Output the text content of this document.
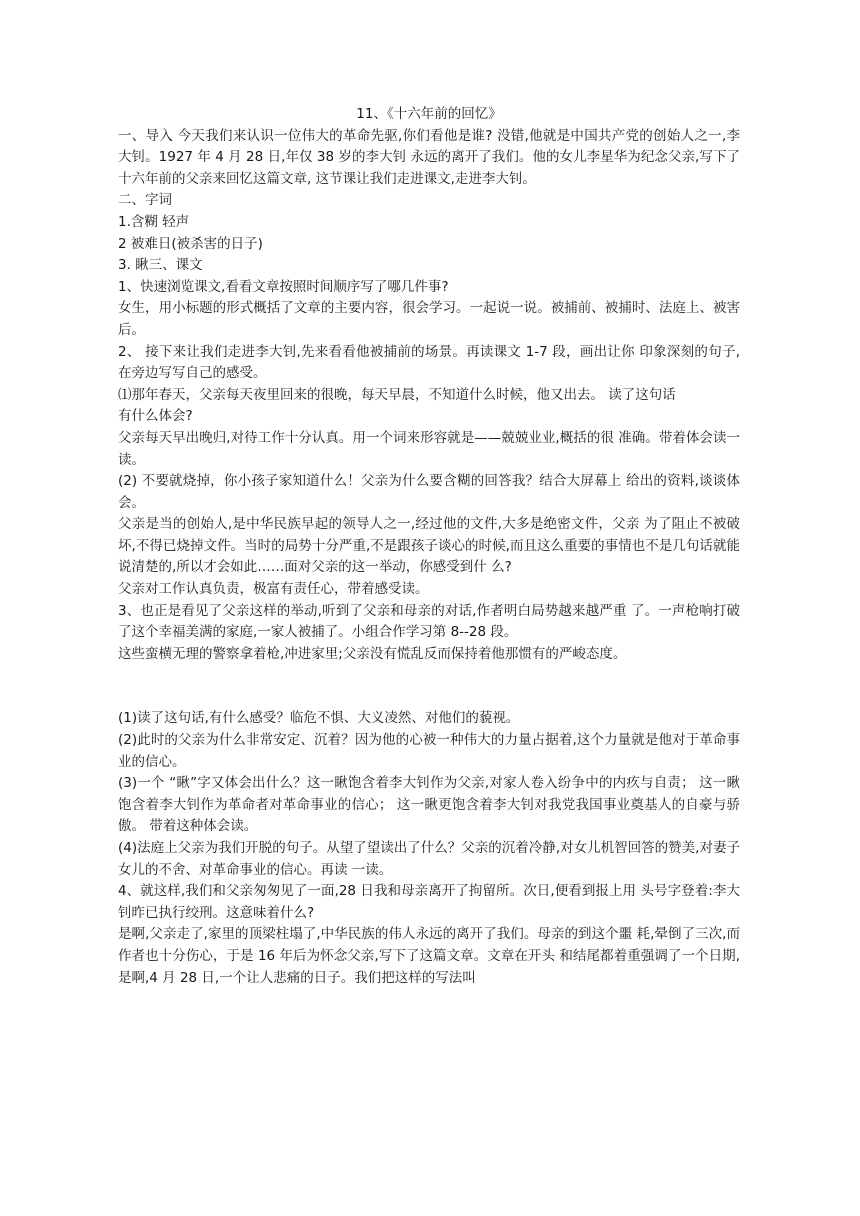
11、《十六年前的回忆》

一、导入 今天我们来认识一位伟大的革命先驱,你们看他是谁? 没错,他就是中国共产党的创始人之一,李大钊。1927 年 4 月 28 日,年仅 38 岁的李大钊 永远的离开了我们。他的女儿李星华为纪念父亲,写下了十六年前的父亲来回忆这篇文章, 这节课让我们走进课文,走进李大钊。

二、字词

1.含糊 轻声

2 被难日(被杀害的日子)

3. 瞅三、课文

1、快速浏览课文,看看文章按照时间顺序写了哪几件事?

女生，用小标题的形式概括了文章的主要内容，很会学习。一起说一说。被捕前、被捕时、法庭上、被害后。

2、 接下来让我们走进李大钊,先来看看他被捕前的场景。再读课文 1-7 段，画出让你 印象深刻的句子,在旁边写写自己的感受。

⑴那年春天，父亲每天夜里回来的很晚，每天早晨，不知道什么时候，他又出去。 读了这句话

有什么体会?

父亲每天早出晚归,对待工作十分认真。用一个词来形容就是——兢兢业业,概括的很 准确。带着体会读一读。

(2) 不要就烧掉，你小孩子家知道什么！父亲为什么要含糊的回答我？结合大屏幕上 给出的资料,谈谈体会。

父亲是当的创始人,是中华民族早起的领导人之一,经过他的文件,大多是绝密文件，父亲 为了阻止不被破坏,不得已烧掉文件。当时的局势十分严重,不是跟孩子谈心的时候,而且这么重要的事情也不是几句话就能说清楚的,所以才会如此……面对父亲的这一举动，你感受到什 么?

父亲对工作认真负责，极富有责任心，带着感受读。

3、也正是看见了父亲这样的举动,听到了父亲和母亲的对话,作者明白局势越来越严重 了。一声枪响打破了这个幸福美满的家庭,一家人被捕了。小组合作学习第 8--28 段。

这些蛮横无理的警察拿着枪,冲进家里;父亲没有慌乱反而保持着他那惯有的严峻态度。

(1)读了这句话,有什么感受？临危不惧、大义凌然、对他们的藐视。

(2)此时的父亲为什么非常安定、沉着？因为他的心被一种伟大的力量占据着,这个力量就是他对于革命事业的信心。

(3)一个 “瞅”字又体会出什么？这一瞅饱含着李大钊作为父亲,对家人卷入纷争中的内疚与自责； 这一瞅饱含着李大钊作为革命者对革命事业的信心； 这一瞅更饱含着李大钊对我党我国事业奠基人的自豪与骄傲。 带着这种体会读。

(4)法庭上父亲为我们开脱的句子。从望了望读出了什么？父亲的沉着冷静,对女儿机智回答的赞美,对妻子女儿的不舍、对革命事业的信心。再读 一读。

4、就这样,我们和父亲匆匆见了一面,28 日我和母亲离开了拘留所。次日,便看到报上用 头号字登着:李大钊昨已执行绞刑。这意味着什么?

是啊,父亲走了,家里的顶梁柱塌了,中华民族的伟人永远的离开了我们。母亲的到这个噩 耗,晕倒了三次,而作者也十分伤心，于是 16 年后为怀念父亲,写下了这篇文章。文章在开头 和结尾都着重强调了一个日期,是啊,4 月 28 日,一个让人悲痛的日子。我们把这样的写法叫
